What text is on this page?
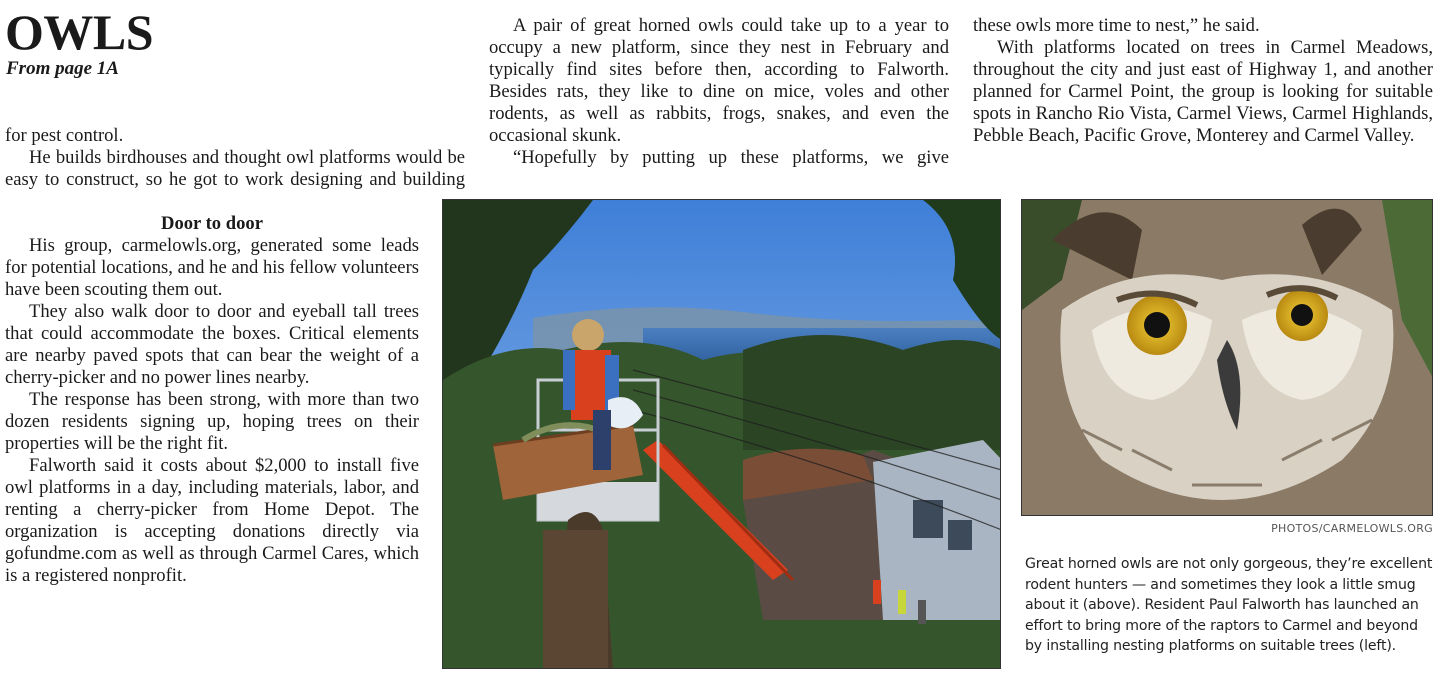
OWLS
From page 1A

for pest control.

He builds birdhouses and thought owl platforms would be easy to construct, so he got to work designing and building

Door to door

His group, carmelowls.org, generated some leads for potential locations, and he and his fellow volunteers have been scouting them out.

They also walk door to door and eyeball tall trees that could accommodate the boxes. Critical elements are nearby paved spots that can bear the weight of a cherry-picker and no power lines nearby.

The response has been strong, with more than two dozen residents signing up, hoping trees on their properties will be the right fit.

Falworth said it costs about $2,000 to install five owl platforms in a day, including materials, labor, and renting a cherry-picker from Home Depot. The organization is accepting donations directly via gofundme.com as well as through Carmel Cares, which is a registered nonprofit.

A pair of great horned owls could take up to a year to occupy a new platform, since they nest in February and typically find sites before then, according to Falworth. Besides rats, they like to dine on mice, voles and other rodents, as well as rabbits, frogs, snakes, and even the occasional skunk.

“Hopefully by putting up these platforms, we give

these owls more time to nest,” he said.

With platforms located on trees in Carmel Meadows, throughout the city and just east of Highway 1, and another planned for Carmel Point, the group is looking for suitable spots in Rancho Rio Vista, Carmel Views, Carmel Highlands, Pebble Beach, Pacific Grove, Monterey and Carmel Valley.

PHOTOS/CARMELOWLS.ORG
Great horned owls are not only gorgeous, they’re excellent rodent hunters — and sometimes they look a little smug about it (above). Resident Paul Falworth has launched an effort to bring more of the raptors to Carmel and beyond by installing nesting platforms on suitable trees (left).
